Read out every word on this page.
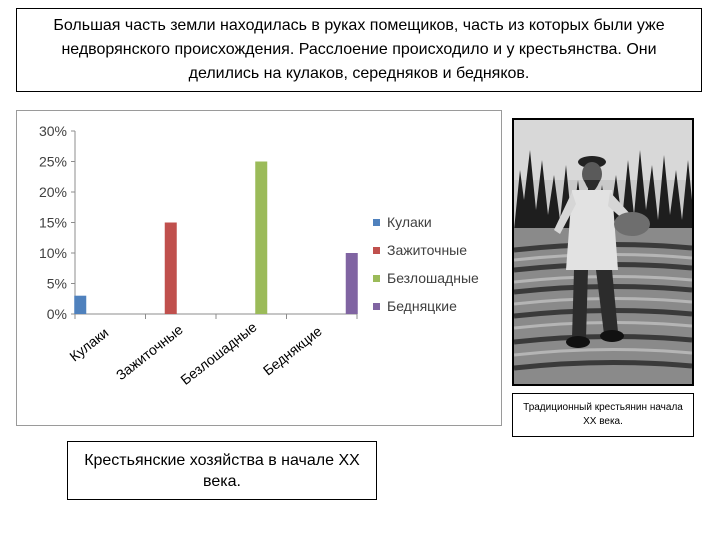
Большая часть земли находилась в руках помещиков, часть из которых были уже недворянского происхождения. Расслоение происходило и у крестьянства. Они делились на кулаков, середняков и бедняков.
0%
5%
10%
15%
20%
25%
30%
Кулаки Зажиточные
Безлошадные Беднякцие
Кулаки
Зажиточные
Безлошадные
Бедняцкие
Традиционный крестьянин начала XX века.
Крестьянские хозяйства в начале XX века.
